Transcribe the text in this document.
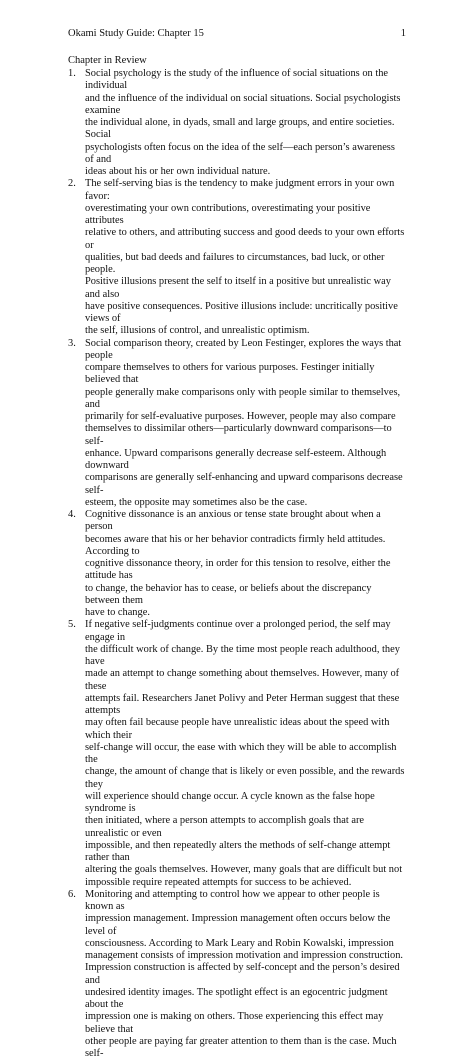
Okami Study Guide: Chapter 15	1
Chapter in Review
1. Social psychology is the study of the influence of social situations on the individual
and the influence of the individual on social situations. Social psychologists examine
the individual alone, in dyads, small and large groups, and entire societies. Social
psychologists often focus on the idea of the self—each person’s awareness of and
ideas about his or her own individual nature.
2. The self-serving bias is the tendency to make judgment errors in your own favor:
overestimating your own contributions, overestimating your positive attributes
relative to others, and attributing success and good deeds to your own efforts or
qualities, but bad deeds and failures to circumstances, bad luck, or other people.
Positive illusions present the self to itself in a positive but unrealistic way and also
have positive consequences. Positive illusions include: uncritically positive views of
the self, illusions of control, and unrealistic optimism.
3. Social comparison theory, created by Leon Festinger, explores the ways that people
compare themselves to others for various purposes. Festinger initially believed that
people generally make comparisons only with people similar to themselves, and
primarily for self-evaluative purposes. However, people may also compare
themselves to dissimilar others—particularly downward comparisons—to self-
enhance. Upward comparisons generally decrease self-esteem. Although downward
comparisons are generally self-enhancing and upward comparisons decrease self-
esteem, the opposite may sometimes also be the case.
4. Cognitive dissonance is an anxious or tense state brought about when a person
becomes aware that his or her behavior contradicts firmly held attitudes. According to
cognitive dissonance theory, in order for this tension to resolve, either the attitude has
to change, the behavior has to cease, or beliefs about the discrepancy between them
have to change.
5. If negative self-judgments continue over a prolonged period, the self may engage in
the difficult work of change. By the time most people reach adulthood, they have
made an attempt to change something about themselves. However, many of these
attempts fail. Researchers Janet Polivy and Peter Herman suggest that these attempts
may often fail because people have unrealistic ideas about the speed with which their
self-change will occur, the ease with which they will be able to accomplish the
change, the amount of change that is likely or even possible, and the rewards they
will experience should change occur. A cycle known as the false hope syndrome is
then initiated, where a person attempts to accomplish goals that are unrealistic or even
impossible, and then repeatedly alters the methods of self-change attempt rather than
altering the goals themselves. However, many goals that are difficult but not
impossible require repeated attempts for success to be achieved.
6. Monitoring and attempting to control how we appear to other people is known as
impression management. Impression management often occurs below the level of
consciousness. According to Mark Leary and Robin Kowalski, impression
management consists of impression motivation and impression construction.
Impression construction is affected by self-concept and the person’s desired and
undesired identity images. The spotlight effect is an egocentric judgment about the
impression one is making on others. Those experiencing this effect may believe that
other people are paying far greater attention to them than is the case. Much self-
